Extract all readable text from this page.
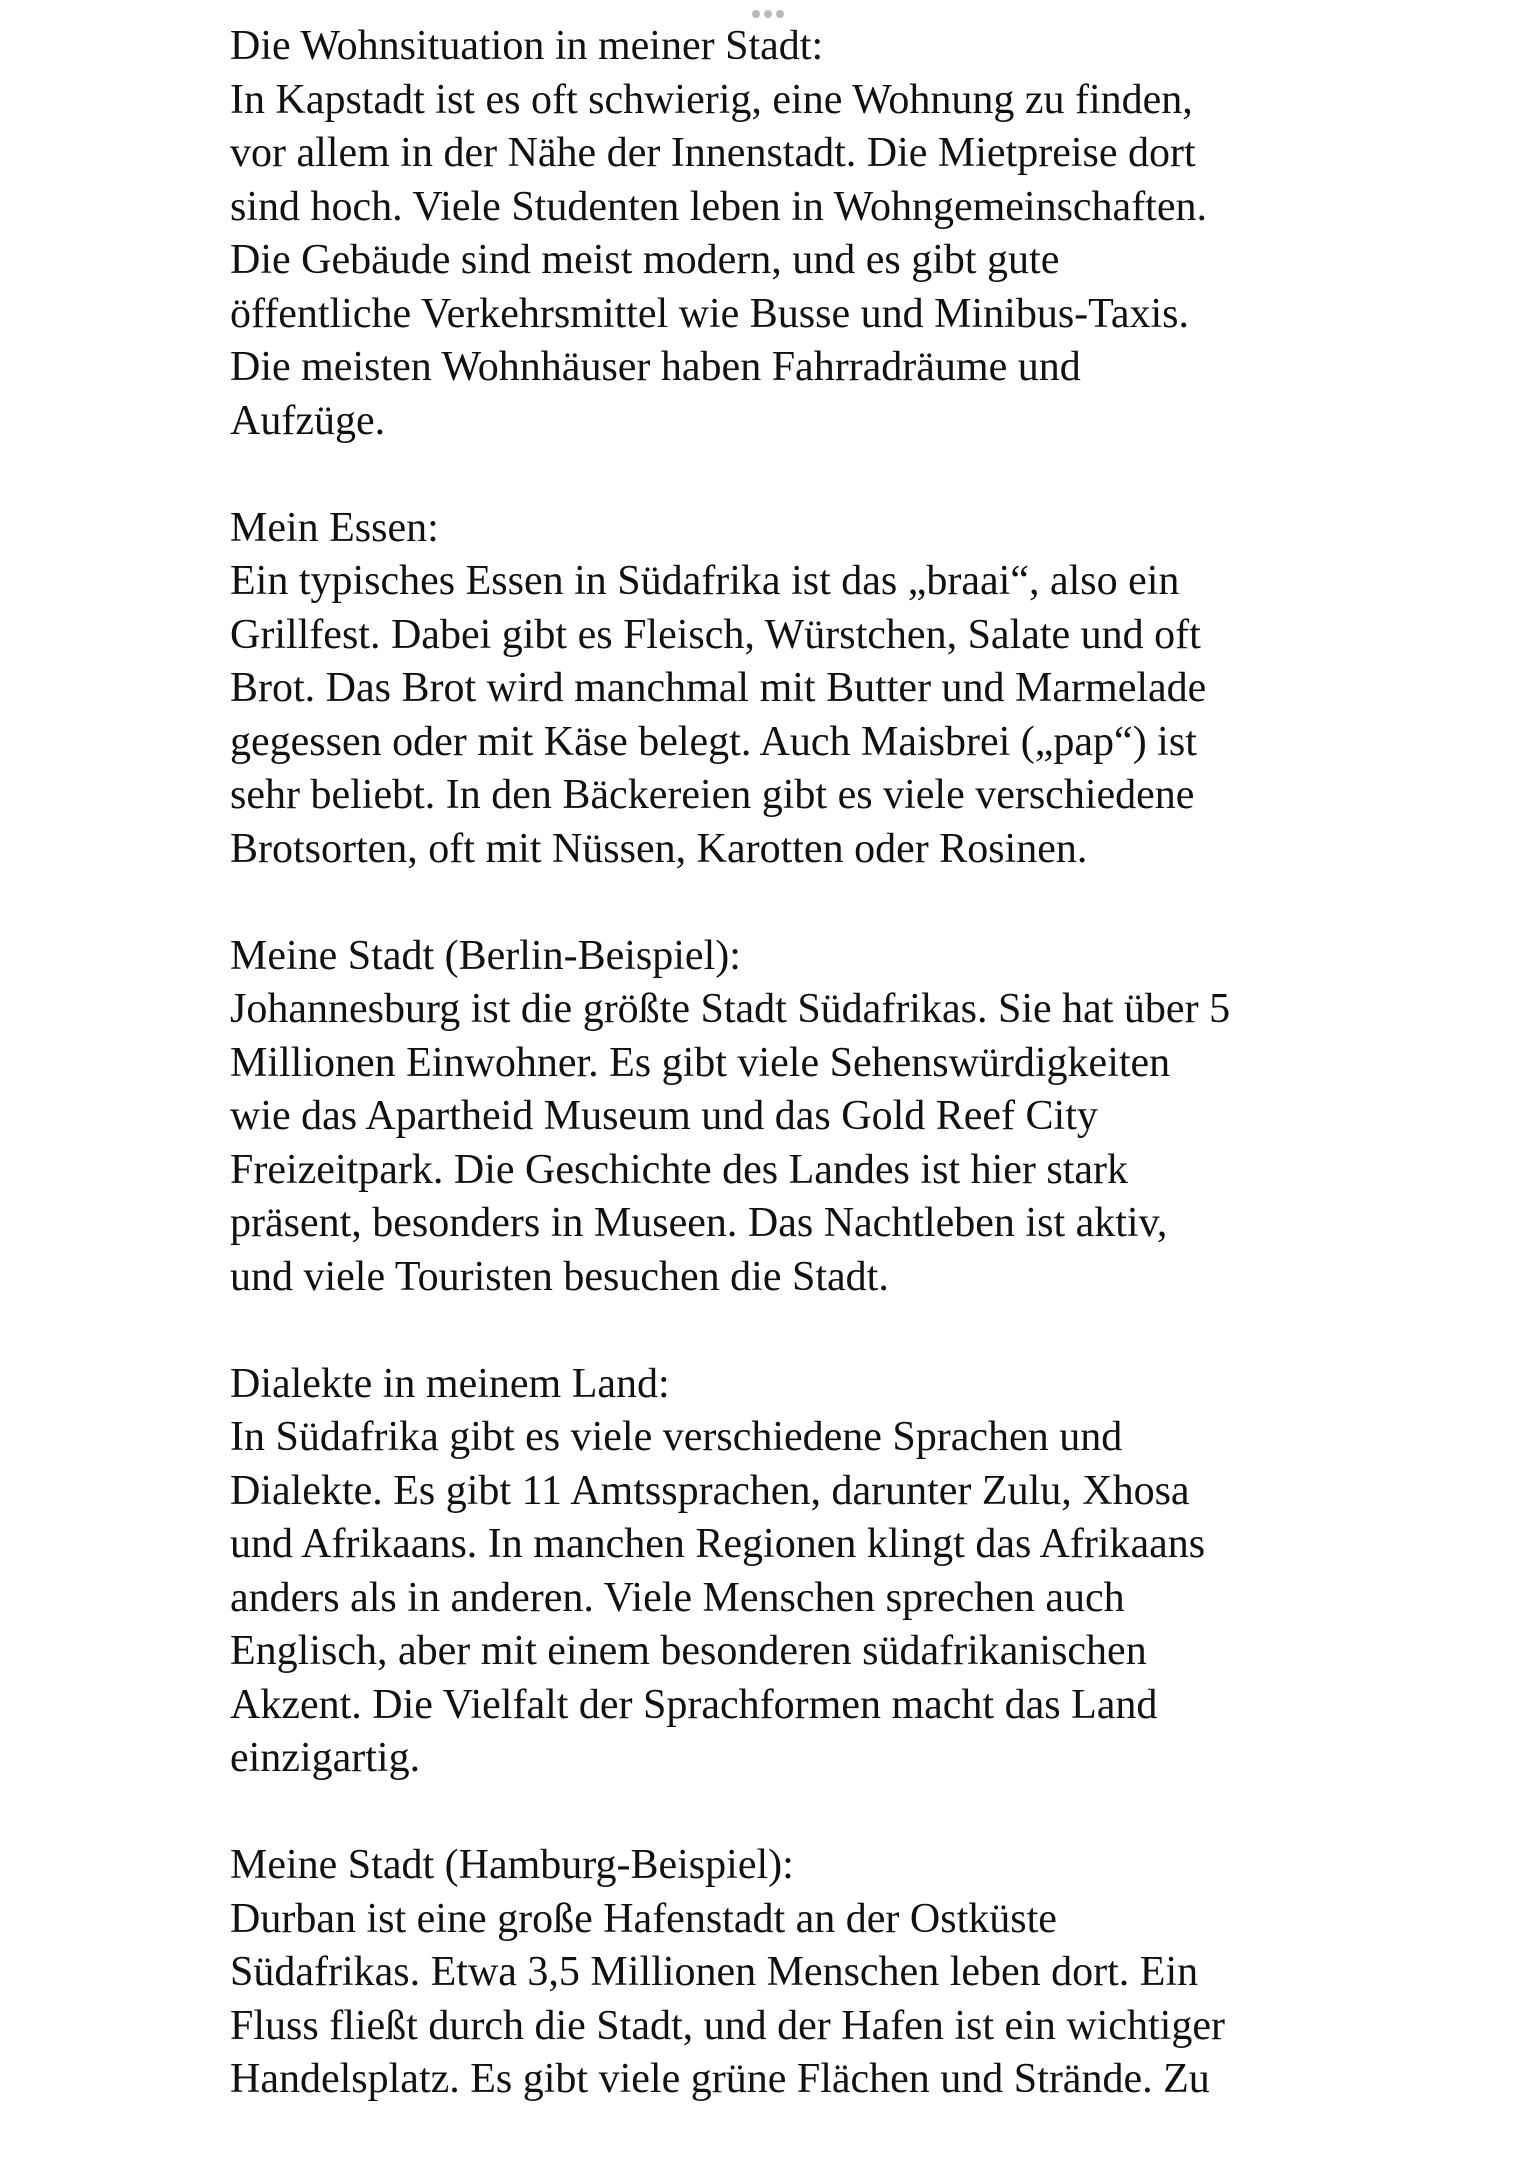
Die Wohnsituation in meiner Stadt:

In Kapstadt ist es oft schwierig, eine Wohnung zu finden,
vor allem in der Nähe der Innenstadt. Die Mietpreise dort
sind hoch. Viele Studenten leben in Wohngemeinschaften.
Die Gebäude sind meist modern, und es gibt gute
öffentliche Verkehrsmittel wie Busse und Minibus-Taxis.
Die meisten Wohnhäuser haben Fahrradräume und
Aufzüge.

Mein Essen:

Ein typisches Essen in Südafrika ist das „braai“, also ein
Grillfest. Dabei gibt es Fleisch, Würstchen, Salate und oft
Brot. Das Brot wird manchmal mit Butter und Marmelade
gegessen oder mit Käse belegt. Auch Maisbrei („pap“) ist
sehr beliebt. In den Bäckereien gibt es viele verschiedene
Brotsorten, oft mit Nüssen, Karotten oder Rosinen.

Meine Stadt (Berlin-Beispiel):

Johannesburg ist die größte Stadt Südafrikas. Sie hat über 5
Millionen Einwohner. Es gibt viele Sehenswürdigkeiten
wie das Apartheid Museum und das Gold Reef City
Freizeitpark. Die Geschichte des Landes ist hier stark
präsent, besonders in Museen. Das Nachtleben ist aktiv,
und viele Touristen besuchen die Stadt.

Dialekte in meinem Land:

In Südafrika gibt es viele verschiedene Sprachen und
Dialekte. Es gibt 11 Amtssprachen, darunter Zulu, Xhosa
und Afrikaans. In manchen Regionen klingt das Afrikaans
anders als in anderen. Viele Menschen sprechen auch
Englisch, aber mit einem besonderen südafrikanischen
Akzent. Die Vielfalt der Sprachformen macht das Land
einzigartig.

Meine Stadt (Hamburg-Beispiel):

Durban ist eine große Hafenstadt an der Ostküste
Südafrikas. Etwa 3,5 Millionen Menschen leben dort. Ein
Fluss fließt durch die Stadt, und der Hafen ist ein wichtiger
Handelsplatz. Es gibt viele grüne Flächen und Strände. Zu
